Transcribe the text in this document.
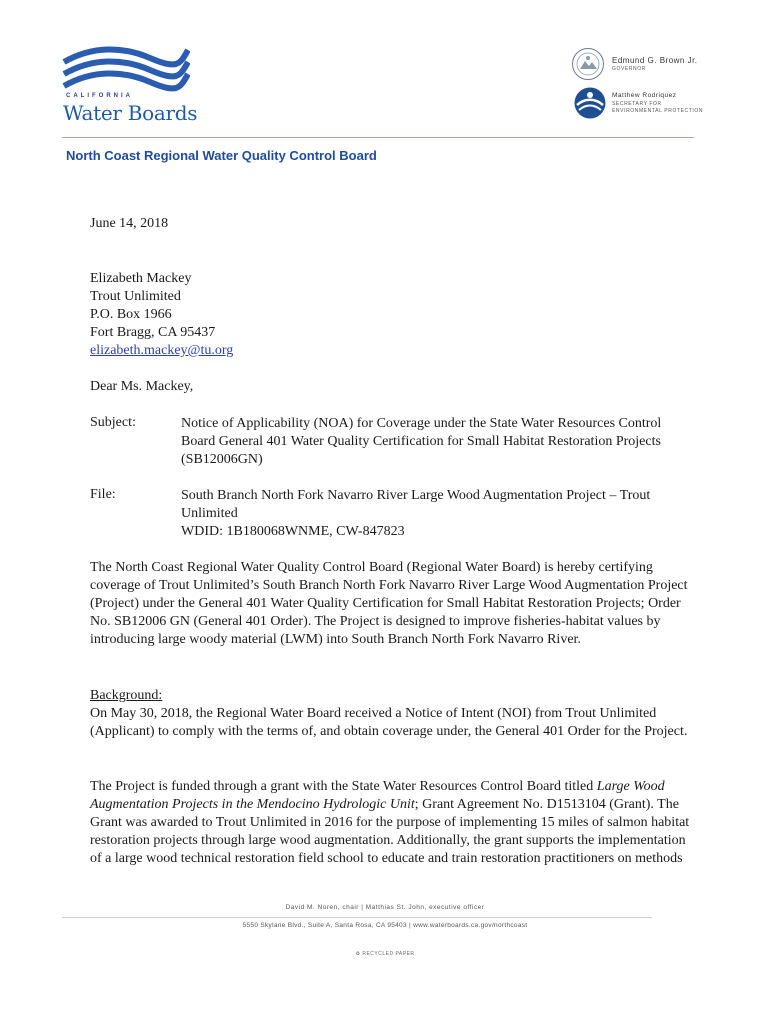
CALIFORNIA
Water Boards
Edmund G. Brown Jr.
GOVERNOR
Matthew Rodriquez
SECRETARY FOR ENVIRONMENTAL PROTECTION
North Coast Regional Water Quality Control Board
June 14, 2018
Elizabeth Mackey
Trout Unlimited
P.O. Box 1966
Fort Bragg, CA 95437
elizabeth.mackey@tu.org
Dear Ms. Mackey,
Subject:	Notice of Applicability (NOA) for Coverage under the State Water Resources Control Board General 401 Water Quality Certification for Small Habitat Restoration Projects (SB12006GN)
File:	South Branch North Fork Navarro River Large Wood Augmentation Project – Trout Unlimited
WDID: 1B180068WNME, CW-847823
The North Coast Regional Water Quality Control Board (Regional Water Board) is hereby certifying coverage of Trout Unlimited’s South Branch North Fork Navarro River Large Wood Augmentation Project (Project) under the General 401 Water Quality Certification for Small Habitat Restoration Projects; Order No. SB12006 GN (General 401 Order). The Project is designed to improve fisheries-habitat values by introducing large woody material (LWM) into South Branch North Fork Navarro River.
Background:
On May 30, 2018, the Regional Water Board received a Notice of Intent (NOI) from Trout Unlimited (Applicant) to comply with the terms of, and obtain coverage under, the General 401 Order for the Project.
The Project is funded through a grant with the State Water Resources Control Board titled Large Wood Augmentation Projects in the Mendocino Hydrologic Unit; Grant Agreement No. D1513104 (Grant). The Grant was awarded to Trout Unlimited in 2016 for the purpose of implementing 15 miles of salmon habitat restoration projects through large wood augmentation. Additionally, the grant supports the implementation of a large wood technical restoration field school to educate and train restoration practitioners on methods
David M. Noren, chair | Matthias St. John, executive officer
5550 Skylane Blvd., Suite A, Santa Rosa, CA 95403 | www.waterboards.ca.gov/northcoast
♻ RECYCLED PAPER
